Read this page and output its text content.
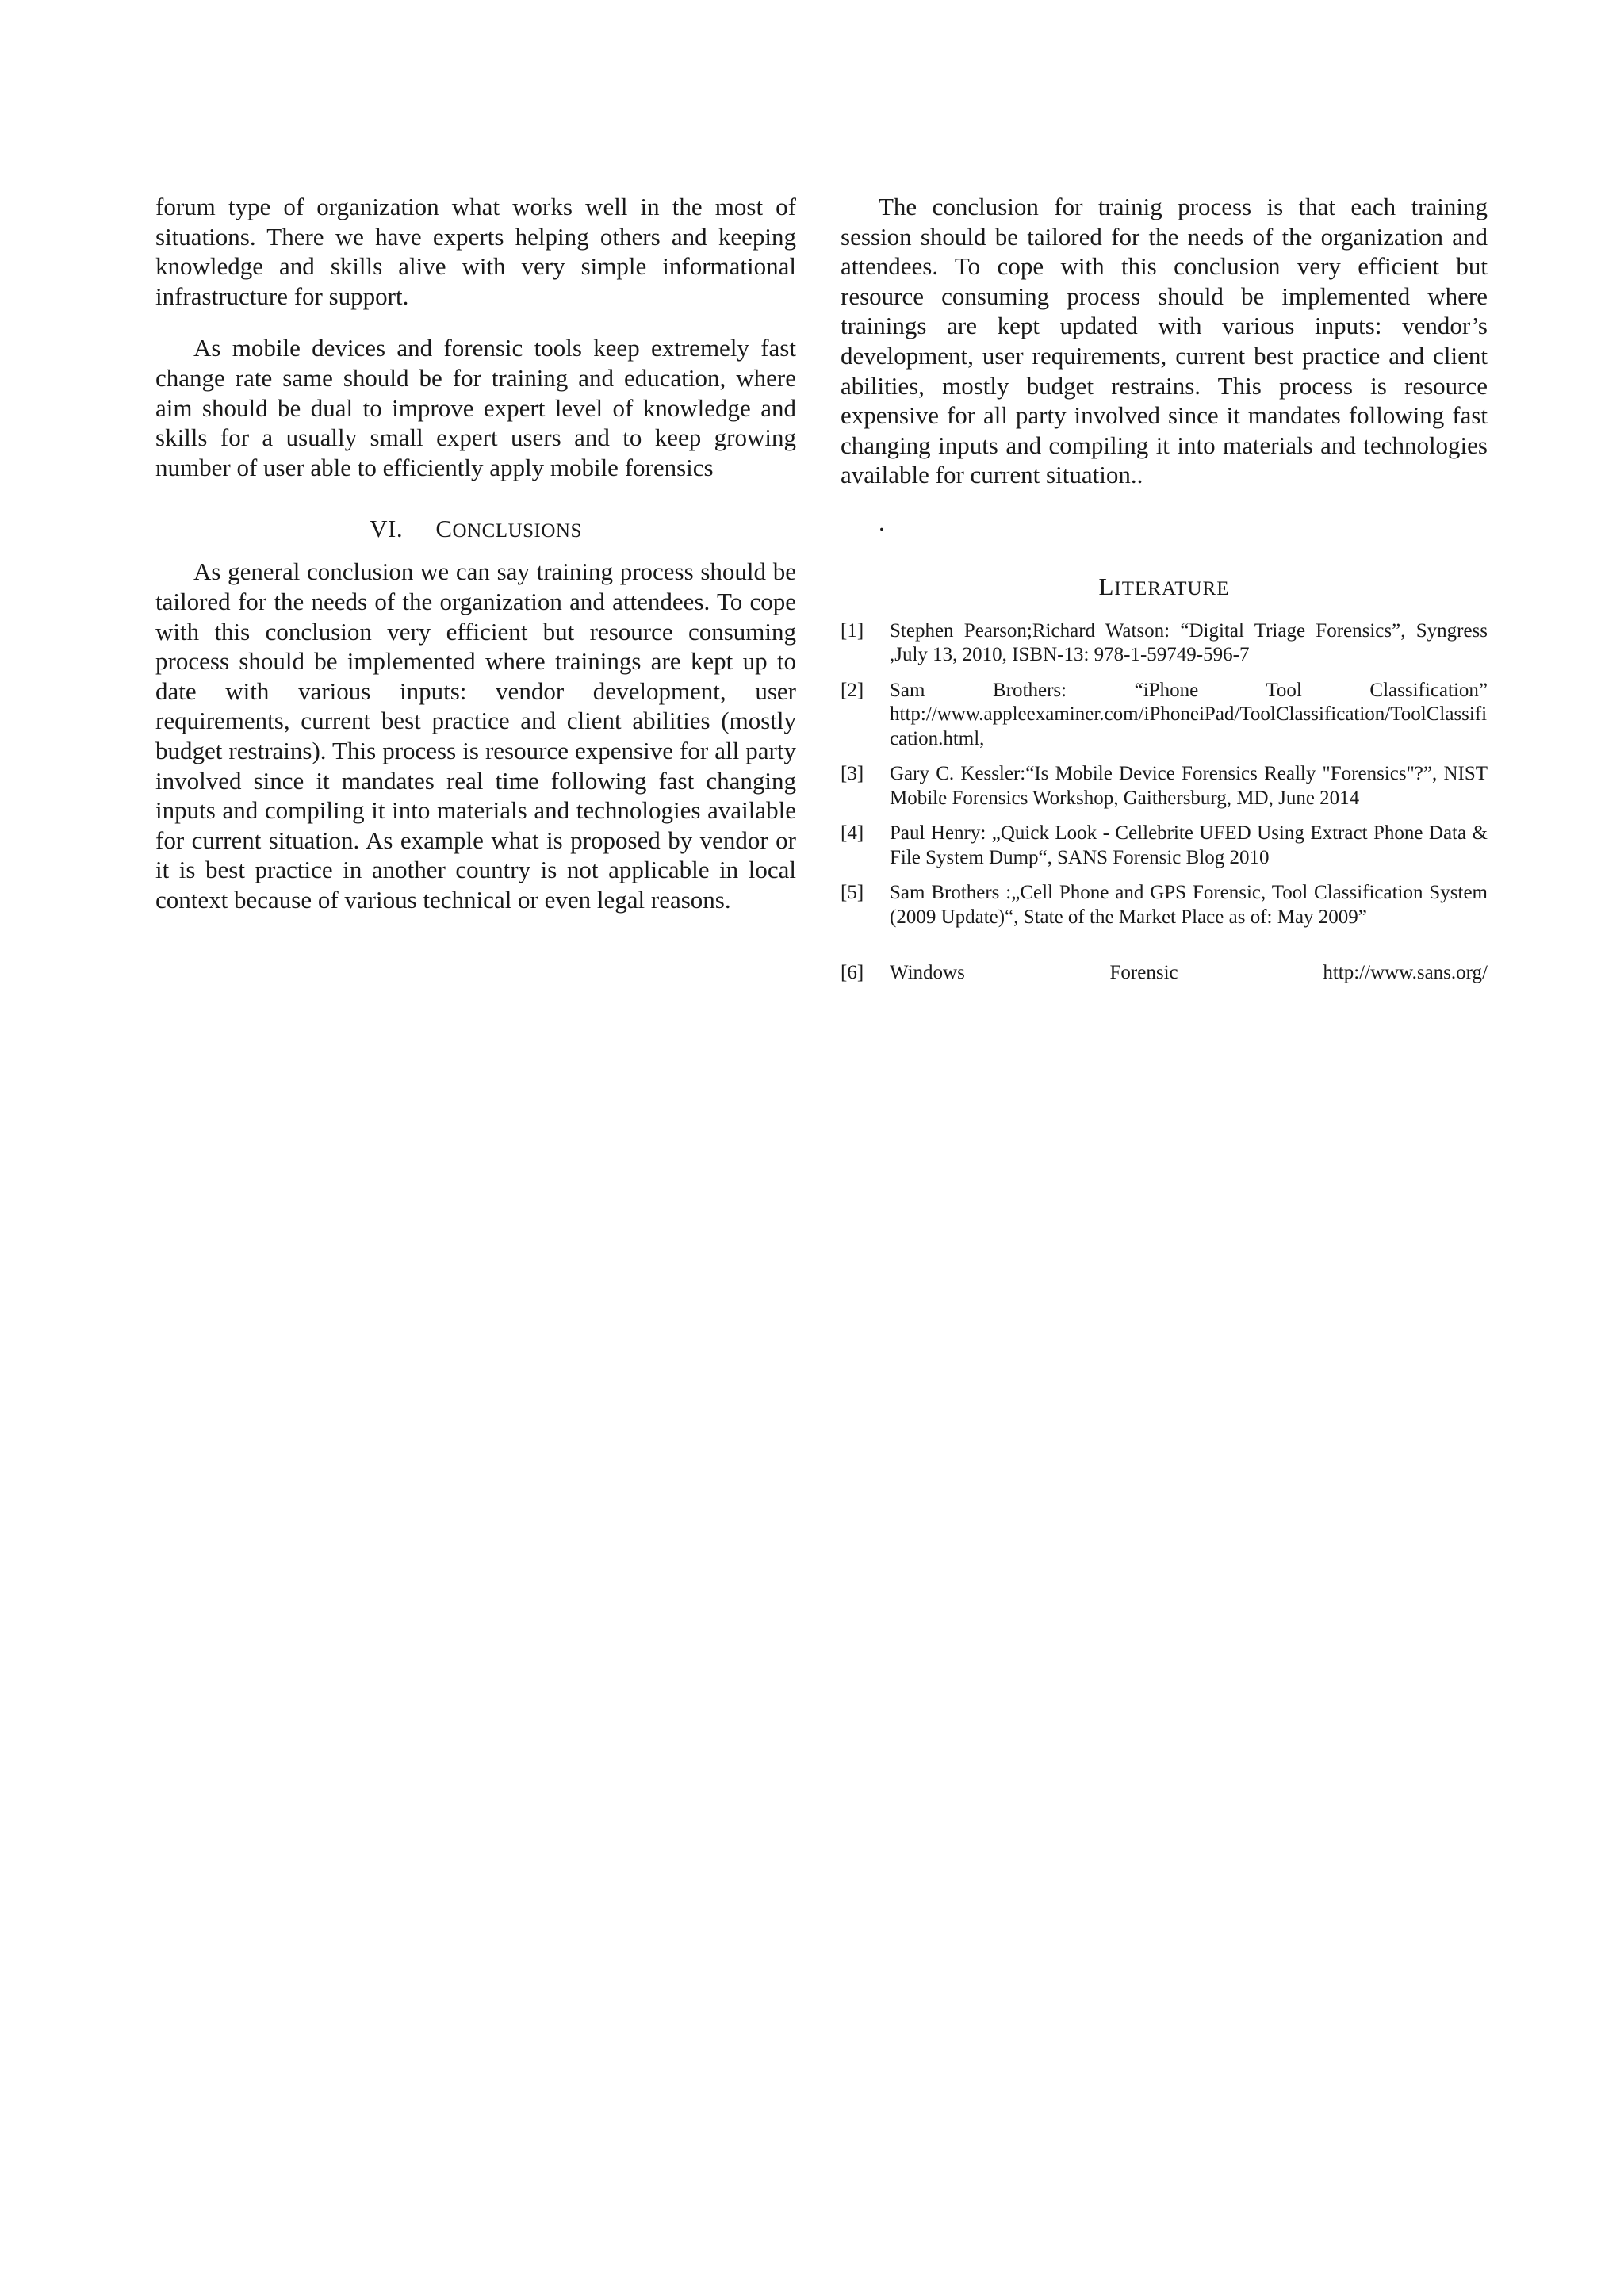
forum type of organization what works well in the most of situations. There we have experts helping others and keeping knowledge and skills alive with very simple informational infrastructure for support.

As mobile devices and forensic tools keep extremely fast change rate same should be for training and education, where aim should be dual to improve expert level of knowledge and skills for a usually small expert users and to keep growing number of user able to efficiently apply mobile forensics

VI. CONCLUSIONS

As general conclusion we can say training process should be tailored for the needs of the organization and attendees. To cope with this conclusion very efficient but resource consuming process should be implemented where trainings are kept up to date with various inputs: vendor development, user requirements, current best practice and client abilities (mostly budget restrains). This process is resource expensive for all party involved since it mandates real time following fast changing inputs and compiling it into materials and technologies available for current situation. As example what is proposed by vendor or it is best practice in another country is not applicable in local context because of various technical or even legal reasons.

The conclusion for trainig process is that each training session should be tailored for the needs of the organization and attendees. To cope with this conclusion very efficient but resource consuming process should be implemented where trainings are kept updated with various inputs: vendor’s development, user requirements, current best practice and client abilities, mostly budget restrains. This process is resource expensive for all party involved since it mandates following fast changing inputs and compiling it into materials and technologies available for current situation..

.
LITERATURE
[1]	Stephen Pearson;Richard Watson: “Digital Triage Forensics”, Syngress ,July 13, 2010, ISBN-13: 978-1-59749-596-7
[2]	Sam Brothers: “iPhone Tool Classification” http://www.appleexaminer.com/iPhoneiPad/ToolClassification/ToolClassification.html,
[3]	Gary C. Kessler:“Is Mobile Device Forensics Really "Forensics"?”, NIST Mobile Forensics Workshop, Gaithersburg, MD, June 2014
[4]	Paul Henry: „Quick Look - Cellebrite UFED Using Extract Phone Data & File System Dump“, SANS Forensic Blog 2010
[5]	Sam Brothers :„Cell Phone and GPS Forensic, Tool Classification System (2009 Update)“, State of the Market Place as of: May 2009”
[6]	Windows	Forensic	http://www.sans.org/
